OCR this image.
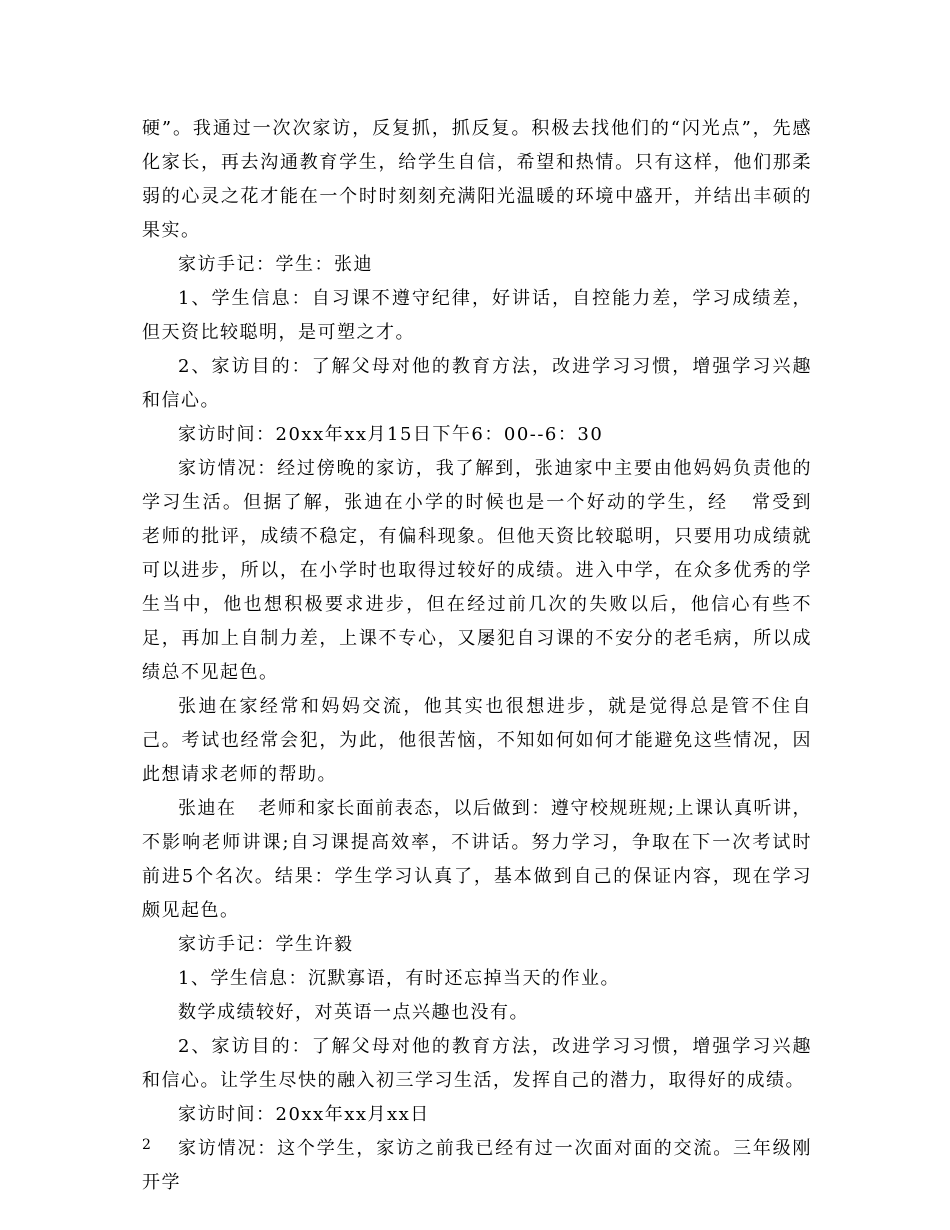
硬”。我通过一次次家访，反复抓，抓反复。积极去找他们的“闪光点”，先感化家长，再去沟通教育学生，给学生自信，希望和热情。只有这样，他们那柔弱的心灵之花才能在一个时时刻刻充满阳光温暖的环境中盛开，并结出丰硕的果实。

家访手记：学生：张迪

1、学生信息：自习课不遵守纪律，好讲话，自控能力差，学习成绩差，但天资比较聪明，是可塑之才。

2、家访目的：了解父母对他的教育方法，改进学习习惯，增强学习兴趣和信心。

家访时间：20xx年xx月15日下午6：00--6：30

家访情况：经过傍晚的家访，我了解到，张迪家中主要由他妈妈负责他的学习生活。但据了解，张迪在小学的时候也是一个好动的学生，经   常受到   老师的批评，成绩不稳定，有偏科现象。但他天资比较聪明，只要用功成绩就可以进步，所以，在小学时也取得过较好的成绩。进入中学，在众多优秀的学生当中，他也想积极要求进步，但在经过前几次的失败以后，他信心有些不足，再加上自制力差，上课不专心，又屡犯自习课的不安分的老毛病，所以成绩总不见起色。

张迪在家经常和妈妈交流，他其实也很想进步，就是觉得总是管不住自己。考试也经常会犯，为此，他很苦恼，不知如何如何才能避免这些情况，因此想请求老师的帮助。

张迪在   老师和家长面前表态，以后做到：遵守校规班规;上课认真听讲，不影响老师讲课;自习课提高效率，不讲话。努力学习，争取在下一次考试时前进5个名次。结果：学生学习认真了，基本做到自己的保证内容，现在学习颇见起色。

家访手记：学生许毅

1、学生信息：沉默寡语，有时还忘掉当天的作业。

数学成绩较好，对英语一点兴趣也没有。

2、家访目的：了解父母对他的教育方法，改进学习习惯，增强学习兴趣和信心。让学生尽快的融入初三学习生活，发挥自己的潜力，取得好的成绩。

家访时间：20xx年xx月xx日

家访情况：这个学生，家访之前我已经有过一次面对面的交流。三年级刚开学

2
